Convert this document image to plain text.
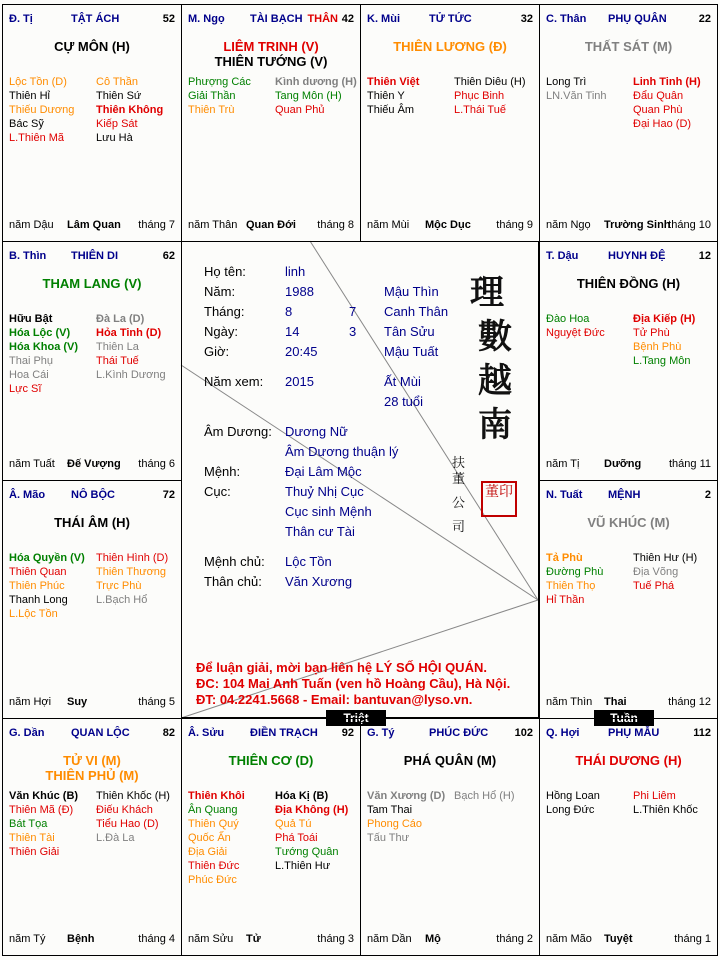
Họ tên:	linh
Năm:	1988	Mậu Thìn
Tháng:	8	7 Canh Thân
Ngày:	14	3 Tân Sửu
Giờ:	20:45	Mậu Tuất
Năm xem: 2015	Ất Mùi
28 tuổi
Âm Dương: Dương Nữ
Âm Dương thuận lý
Mệnh:	Đại Lâm Mộc
Cục:	Thuỷ Nhị Cục
Cục sinh Mệnh
Thân cư Tài
Mệnh chủ: Lộc Tồn
Thân chủ: Văn Xương
理
數
越
南
扶
董
公
司
董印
Để luận giải, mời bạn liên hệ LÝ SỐ HỘI QUÁN.
ĐC: 104 Mai Anh Tuấn (ven hồ Hoàng Cầu), Hà Nội.
ĐT: 04.2241.5668 - Email: bantuvan@lyso.vn.
Triệt	Tuần
Đ. Tị	TẬT ÁCH	52
CỰ MÔN (H)
Lộc Tồn (D)
Thiên Hỉ
Thiếu Dương
Bác Sỹ
L.Thiên Mã
Cô Thần
Thiên Sứ
Thiên Không
Kiếp Sát
Lưu Hà
năm Dậu Lâm Quan tháng 7
M. Ngọ TÀI BẠCH THÂN 42
LIÊM TRINH (V)
THIÊN TƯỚNG (V)
Phượng Các
Giải Thần
Thiên Trù
Kình dương (H)
Tang Môn (H)
Quan Phủ
năm Thân Quan Đới tháng 8
K. Mùi	TỬ TỨC	32
THIÊN LƯƠNG (Đ)
Thiên Việt
Thiên Y
Thiếu Âm
Thiên Diêu (H)
Phục Binh
L.Thái Tuế
năm Mùi Mộc Dục tháng 9
C. Thân PHỤ QUÂN	22
THẤT SÁT (M)
Long Trì
LN.Văn Tinh
Linh Tinh (H)
Đẩu Quân
Quan Phù
Đại Hao (D)
năm Ngọ Trường Sinh
tháng 10
B. Thìn THIÊN DI	62
THAM LANG (V)
Hữu Bật
Hóa Lộc (V)
Hóa Khoa (V)
Thai Phụ
Hoa Cái
Lực Sĩ
Đà La (D)
Hỏa Tinh (D)
Thiên La
Thái Tuế
L.Kình Dương
năm Tuất Đế Vượng tháng 6
T. Dậu	HUYNH ĐỆ	12
THIÊN ĐỒNG (H)
Đào Hoa
Nguyệt Đức
Địa Kiếp (H)
Tử Phù
Bệnh Phù
L.Tang Môn
năm Tị Dưỡng	tháng 11
Â. Mão NÔ BỘC	72
THÁI ÂM (H)
Hóa Quyền (V)
Thiên Quan
Thiên Phúc
Thanh Long
L.Lộc Tồn
Thiên Hình (D)
Thiên Thương
Trực Phù
L.Bạch Hổ
năm Hợi Suy	tháng 5
N. Tuất MỆNH	2
VŨ KHÚC (M)
Tả Phù
Đường Phù
Thiên Thọ
Hỉ Thần
Thiên Hư (H)
Địa Võng
Tuế Phá
năm Thìn Thai	tháng 12
G. Dần QUAN LỘC	82
TỬ VI (M)
THIÊN PHỦ (M)
Văn Khúc (B)
Thiên Mã (Đ)
Bát Tọa
Thiên Tài
Thiên Giải
Thiên Khốc (H)
Điếu Khách
Tiểu Hao (D)
L.Đà La
năm Tý Bệnh	tháng 4
Â. Sửu ĐIỀN TRẠCH 92
THIÊN CƠ (D)
Thiên Khôi
Ân Quang
Thiên Quý
Quốc Ấn
Địa Giải
Thiên Đức
Phúc Đức
Hóa Kị (B)
Địa Không (H)
Quả Tú
Phá Toái
Tướng Quân
L.Thiên Hư
năm Sửu Tử	tháng 3
G. Tý	PHÚC ĐỨC 102
PHÁ QUÂN (M)
Văn Xương (D)
Tam Thai
Phong Cáo
Tấu Thư
Bạch Hổ (H)
năm Dần Mộ	tháng 2
Q. Hợi	PHỤ MẪU	112
THÁI DƯƠNG (H)
Hồng Loan
Long Đức
Phi Liêm
L.Thiên Khốc
năm Mão Tuyệt	tháng 1
